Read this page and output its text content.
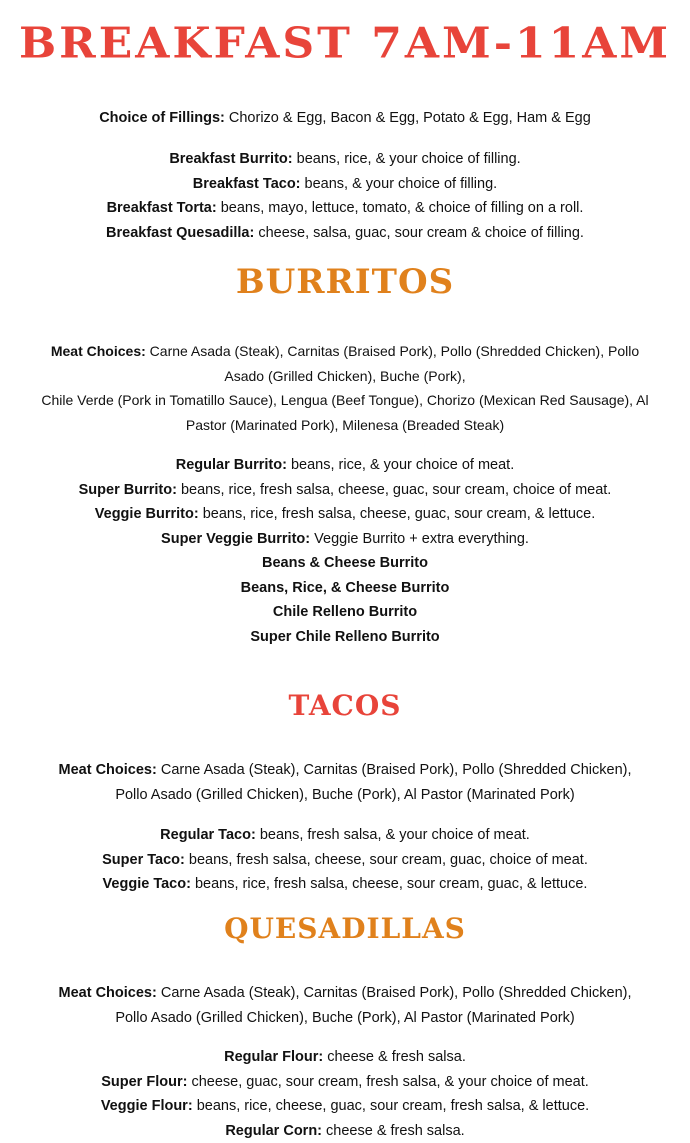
BREAKFAST 7AM-11AM
Choice of Fillings: Chorizo & Egg, Bacon & Egg, Potato & Egg, Ham & Egg
Breakfast Burrito: beans, rice, & your choice of filling.
Breakfast Taco: beans, & your choice of filling.
Breakfast Torta: beans, mayo, lettuce, tomato, & choice of filling on a roll.
Breakfast Quesadilla: cheese, salsa, guac, sour cream & choice of filling.
BURRITOS
Meat Choices: Carne Asada (Steak), Carnitas (Braised Pork), Pollo (Shredded Chicken), Pollo
Asado (Grilled Chicken), Buche (Pork),
Chile Verde (Pork in Tomatillo Sauce), Lengua (Beef Tongue), Chorizo (Mexican Red Sausage), Al
Pastor (Marinated Pork), Milenesa (Breaded Steak)
Regular Burrito: beans, rice, & your choice of meat.
Super Burrito: beans, rice, fresh salsa, cheese, guac, sour cream, choice of meat.
Veggie Burrito: beans, rice, fresh salsa, cheese, guac, sour cream, & lettuce.
Super Veggie Burrito: Veggie Burrito + extra everything.
Beans & Cheese Burrito
Beans, Rice, & Cheese Burrito
Chile Relleno Burrito
Super Chile Relleno Burrito
TACOS
Meat Choices: Carne Asada (Steak), Carnitas (Braised Pork), Pollo (Shredded Chicken),
Pollo Asado (Grilled Chicken), Buche (Pork), Al Pastor (Marinated Pork)
Regular Taco: beans, fresh salsa, & your choice of meat.
Super Taco: beans, fresh salsa, cheese, sour cream, guac, choice of meat.
Veggie Taco: beans, rice, fresh salsa, cheese, sour cream, guac, & lettuce.
QUESADILLAS
Meat Choices: Carne Asada (Steak), Carnitas (Braised Pork), Pollo (Shredded Chicken),
Pollo Asado (Grilled Chicken), Buche (Pork), Al Pastor (Marinated Pork)
Regular Flour: cheese & fresh salsa.
Super Flour: cheese, guac, sour cream, fresh salsa, & your choice of meat.
Veggie Flour: beans, rice, cheese, guac, sour cream, fresh salsa, & lettuce.
Regular Corn: cheese & fresh salsa.
